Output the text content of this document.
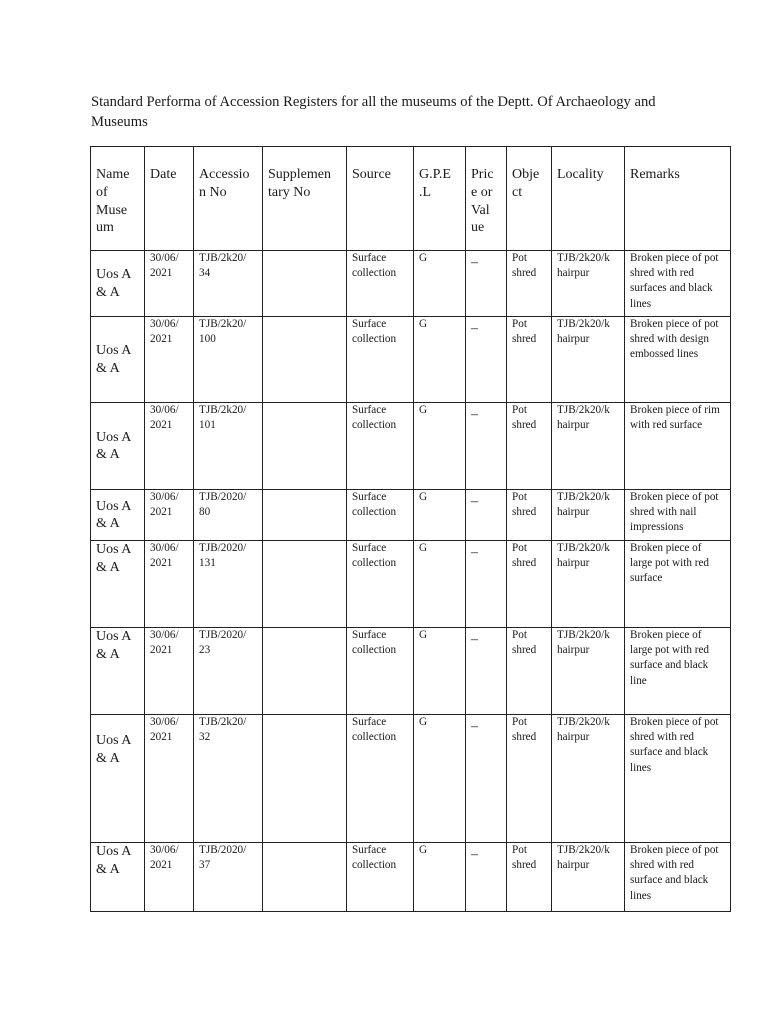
Standard Performa of Accession Registers for all the museums of the Deptt. Of Archaeology and Museums

Name of Muse um	Date	Accessio n No	Supplemen tary No	Source	G.P.E .L	Pric e or Val ue	Obje ct	Locality	Remarks
Uos A & A	30/06/ 2021	TJB/2k20/ 34		Surface collection	G	–	Pot shred	TJB/2k20/k hairpur	Broken piece of pot shred with red surfaces and black lines
Uos A & A	30/06/ 2021	TJB/2k20/ 100		Surface collection	G	–	Pot shred	TJB/2k20/k hairpur	Broken piece of pot shred with design embossed lines
Uos A & A	30/06/ 2021	TJB/2k20/ 101		Surface collection	G	–	Pot shred	TJB/2k20/k hairpur	Broken piece of rim with red surface
Uos A & A	30/06/ 2021	TJB/2020/ 80		Surface collection	G	–	Pot shred	TJB/2k20/k hairpur	Broken piece of pot shred with nail impressions
Uos A & A	30/06/ 2021	TJB/2020/ 131		Surface collection	G	–	Pot shred	TJB/2k20/k hairpur	Broken piece of large pot with red surface
Uos A & A	30/06/ 2021	TJB/2020/ 23		Surface collection	G	–	Pot shred	TJB/2k20/k hairpur	Broken piece of large pot with red surface and black line
Uos A & A	30/06/ 2021	TJB/2k20/ 32		Surface collection	G	–	Pot shred	TJB/2k20/k hairpur	Broken piece of pot shred with red surface and black lines
Uos A & A	30/06/ 2021	TJB/2020/ 37		Surface collection	G	–	Pot shred	TJB/2k20/k hairpur	Broken piece of pot shred with red surface and black lines
